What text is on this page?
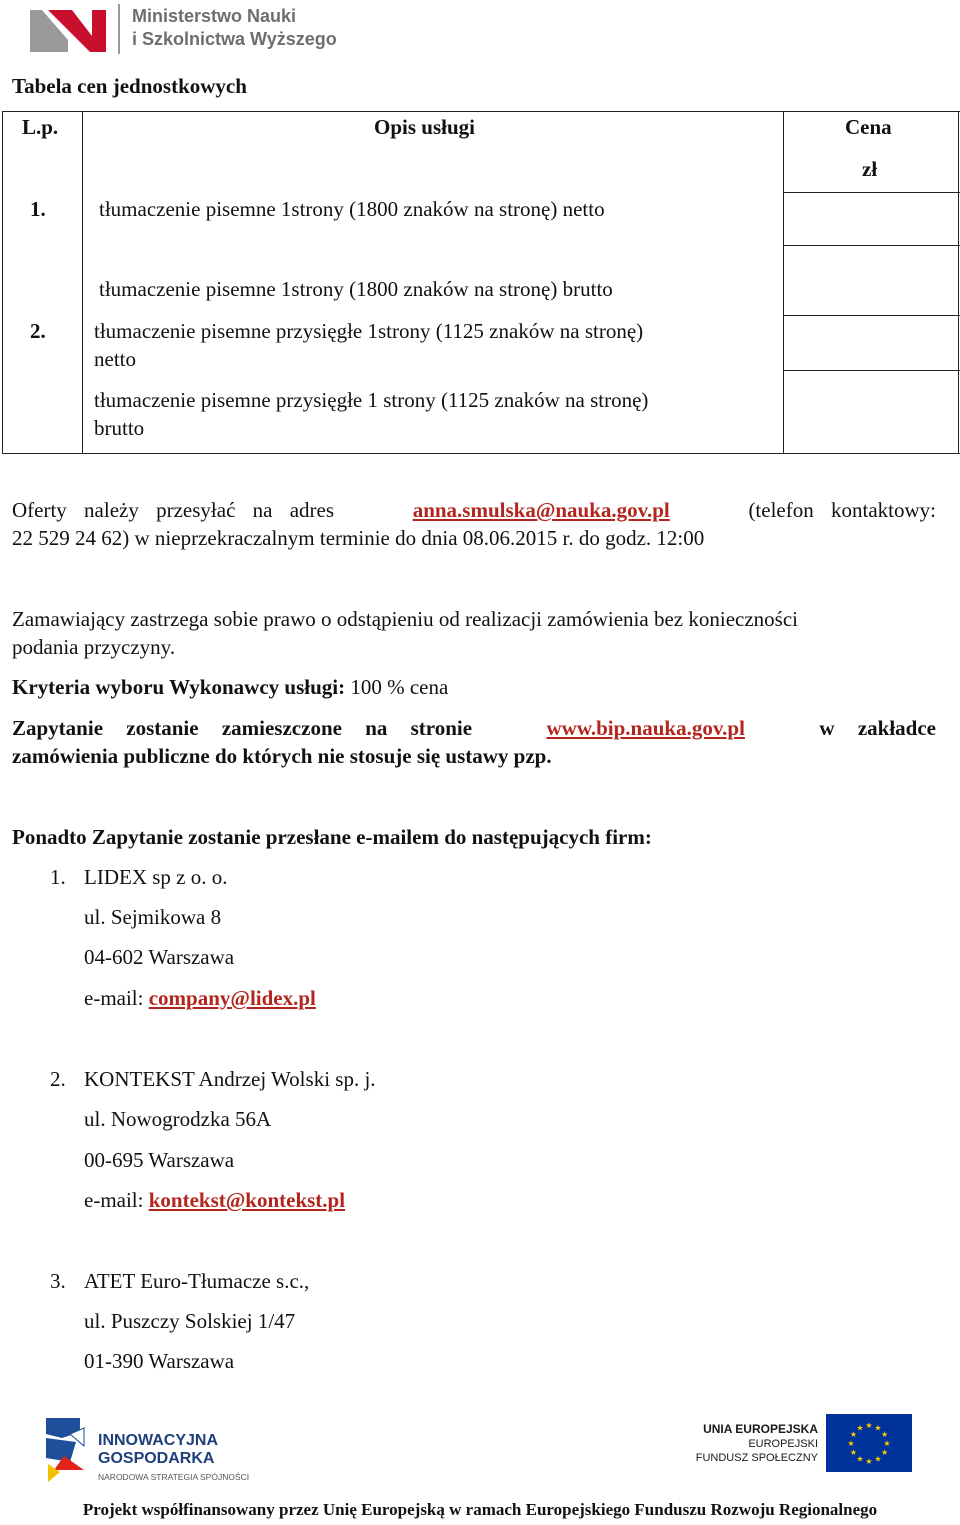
Ministerstwo Nauki
i Szkolnictwa Wyższego
Tabela cen jednostkowych
L.p.	Opis usługi	Cena
zł
1.	tłumaczenie pisemne 1strony (1800 znaków na stronę) netto
tłumaczenie pisemne 1strony (1800 znaków na stronę) brutto
2. tłumaczenie pisemne przysięgłe 1strony (1125 znaków na stronę)
netto
tłumaczenie pisemne przysięgłe 1 strony (1125 znaków na stronę)
brutto
Oferty należy przesyłać na adres	anna.smulska@nauka.gov.pl	(telefon kontaktowy:
22 529 24 62) w nieprzekraczalnym terminie do dnia 08.06.2015 r. do godz. 12:00
Zamawiający zastrzega sobie prawo o odstąpieniu od realizacji zamówienia bez konieczności
podania przyczyny.
Kryteria wyboru Wykonawcy usługi: 100 % cena
Zapytanie zostanie zamieszczone na stronie	www.bip.nauka.gov.pl	w zakładce
zamówienia publiczne do których nie stosuje się ustawy pzp.
Ponadto Zapytanie zostanie przesłane e-mailem do następujących firm:
1. LIDEX sp z o. o.
ul. Sejmikowa 8
04-602 Warszawa
e-mail: company@lidex.pl
2. KONTEKST Andrzej Wolski sp. j.
ul. Nowogrodzka 56A
00-695 Warszawa
e-mail: kontekst@kontekst.pl
3. ATET Euro-Tłumacze s.c.,
ul. Puszczy Solskiej 1/47
01-390 Warszawa
INNOWACYJNA
GOSPODARKA
NARODOWA STRATEGIA SPÓJNOŚCI
UNIA EUROPEJSKA
EUROPEJSKI
FUNDUSZ SPOŁECZNY
★ ★
★
★
★
★
★
★
★
★
★
★
Projekt współfinansowany przez Unię Europejską w ramach Europejskiego Funduszu Rozwoju Regionalnego
